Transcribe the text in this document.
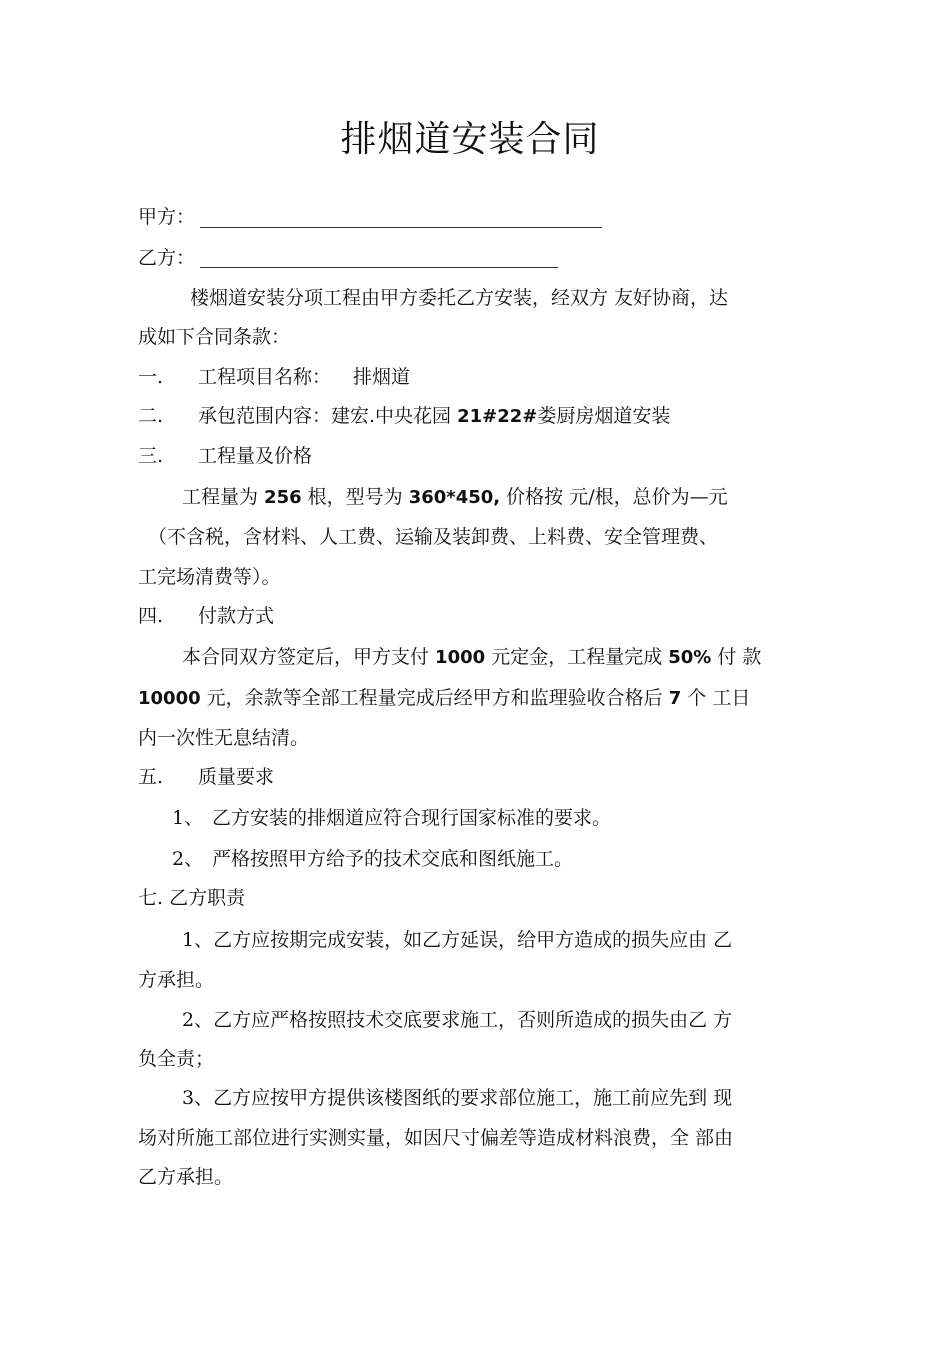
排烟道安装合同
甲方：
乙方：
楼烟道安装分项工程由甲方委托乙方安装，经双方 友好协商，达
成如下合同条款：
一. 工程项目名称： 排烟道
二. 承包范围内容：建宏.中央花园 21#22#娄厨房烟道安装
三. 工程量及价格
工程量为 256 根，型号为 360*450, 价格按 元/根，总价为—元
（不含税，含材料、人工费、运输及装卸费、上料费、安全管理费、
工完场清费等）。
四. 付款方式
本合同双方签定后，甲方支付 1000 元定金，工程量完成 50% 付 款
10000 元，余款等全部工程量完成后经甲方和监理验收合格后 7 个 工日
内一次性无息结清。
五. 质量要求
1、 乙方安装的排烟道应符合现行国家标准的要求。
2、 严格按照甲方给予的技术交底和图纸施工。
七. 乙方职责
1、乙方应按期完成安装，如乙方延误，给甲方造成的损失应由 乙
方承担。
2、乙方应严格按照技术交底要求施工，否则所造成的损失由乙 方
负全责；
3、乙方应按甲方提供该楼图纸的要求部位施工，施工前应先到 现
场对所施工部位进行实测实量，如因尺寸偏差等造成材料浪费，全 部由
乙方承担。
